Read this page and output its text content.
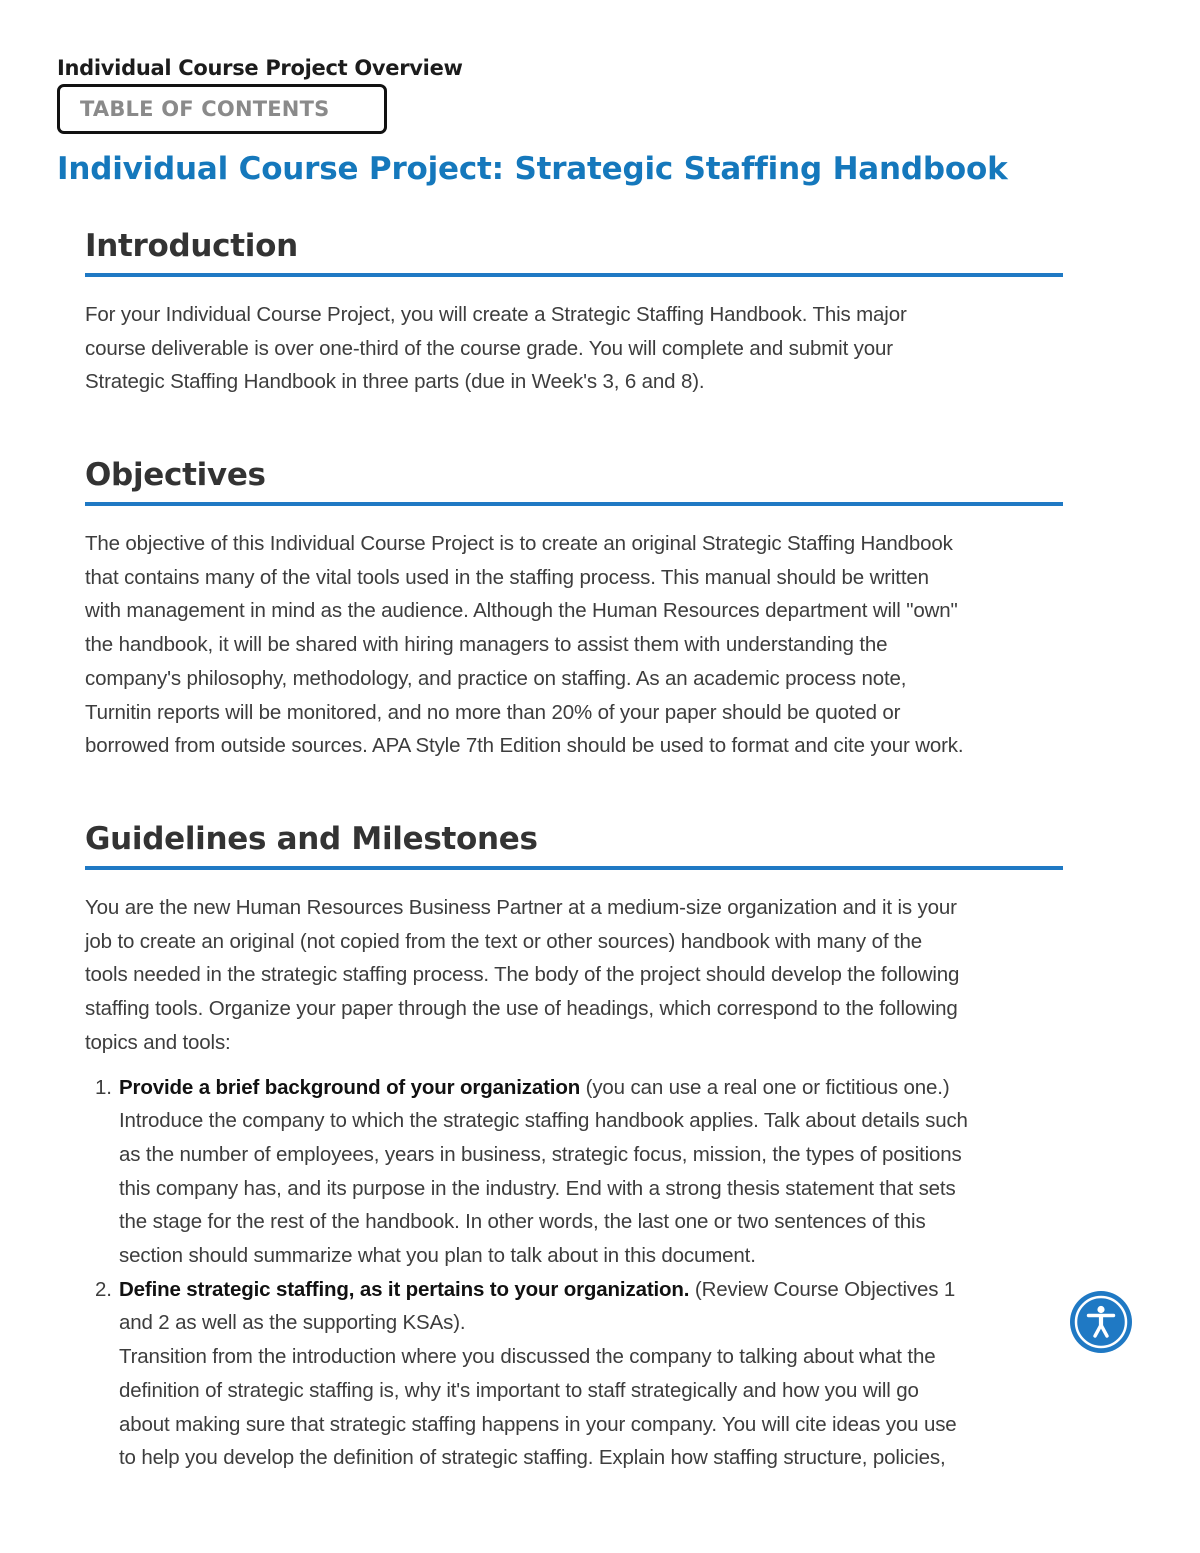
Individual Course Project Overview
TABLE OF CONTENTS
Individual Course Project: Strategic Staffing Handbook
Introduction

For your Individual Course Project, you will create a Strategic Staffing Handbook. This major
course deliverable is over one-third of the course grade. You will complete and submit your
Strategic Staffing Handbook in three parts (due in Week's 3, 6 and 8).

Objectives

The objective of this Individual Course Project is to create an original Strategic Staffing Handbook
that contains many of the vital tools used in the staffing process. This manual should be written
with management in mind as the audience. Although the Human Resources department will "own"
the handbook, it will be shared with hiring managers to assist them with understanding the
company's philosophy, methodology, and practice on staffing. As an academic process note,
Turnitin reports will be monitored, and no more than 20% of your paper should be quoted or
borrowed from outside sources. APA Style 7th Edition should be used to format and cite your work.

Guidelines and Milestones

You are the new Human Resources Business Partner at a medium-size organization and it is your
job to create an original (not copied from the text or other sources) handbook with many of the
tools needed in the strategic staffing process. The body of the project should develop the following
staffing tools. Organize your paper through the use of headings, which correspond to the following
topics and tools:

1. Provide a brief background of your organization (you can use a real one or fictitious one.)
Introduce the company to which the strategic staffing handbook applies. Talk about details such
as the number of employees, years in business, strategic focus, mission, the types of positions
this company has, and its purpose in the industry. End with a strong thesis statement that sets
the stage for the rest of the handbook. In other words, the last one or two sentences of this
section should summarize what you plan to talk about in this document.
2. Define strategic staffing, as it pertains to your organization. (Review Course Objectives 1
and 2 as well as the supporting KSAs).
Transition from the introduction where you discussed the company to talking about what the
definition of strategic staffing is, why it's important to staff strategically and how you will go
about making sure that strategic staffing happens in your company. You will cite ideas you use
to help you develop the definition of strategic staffing. Explain how staffing structure, policies,
